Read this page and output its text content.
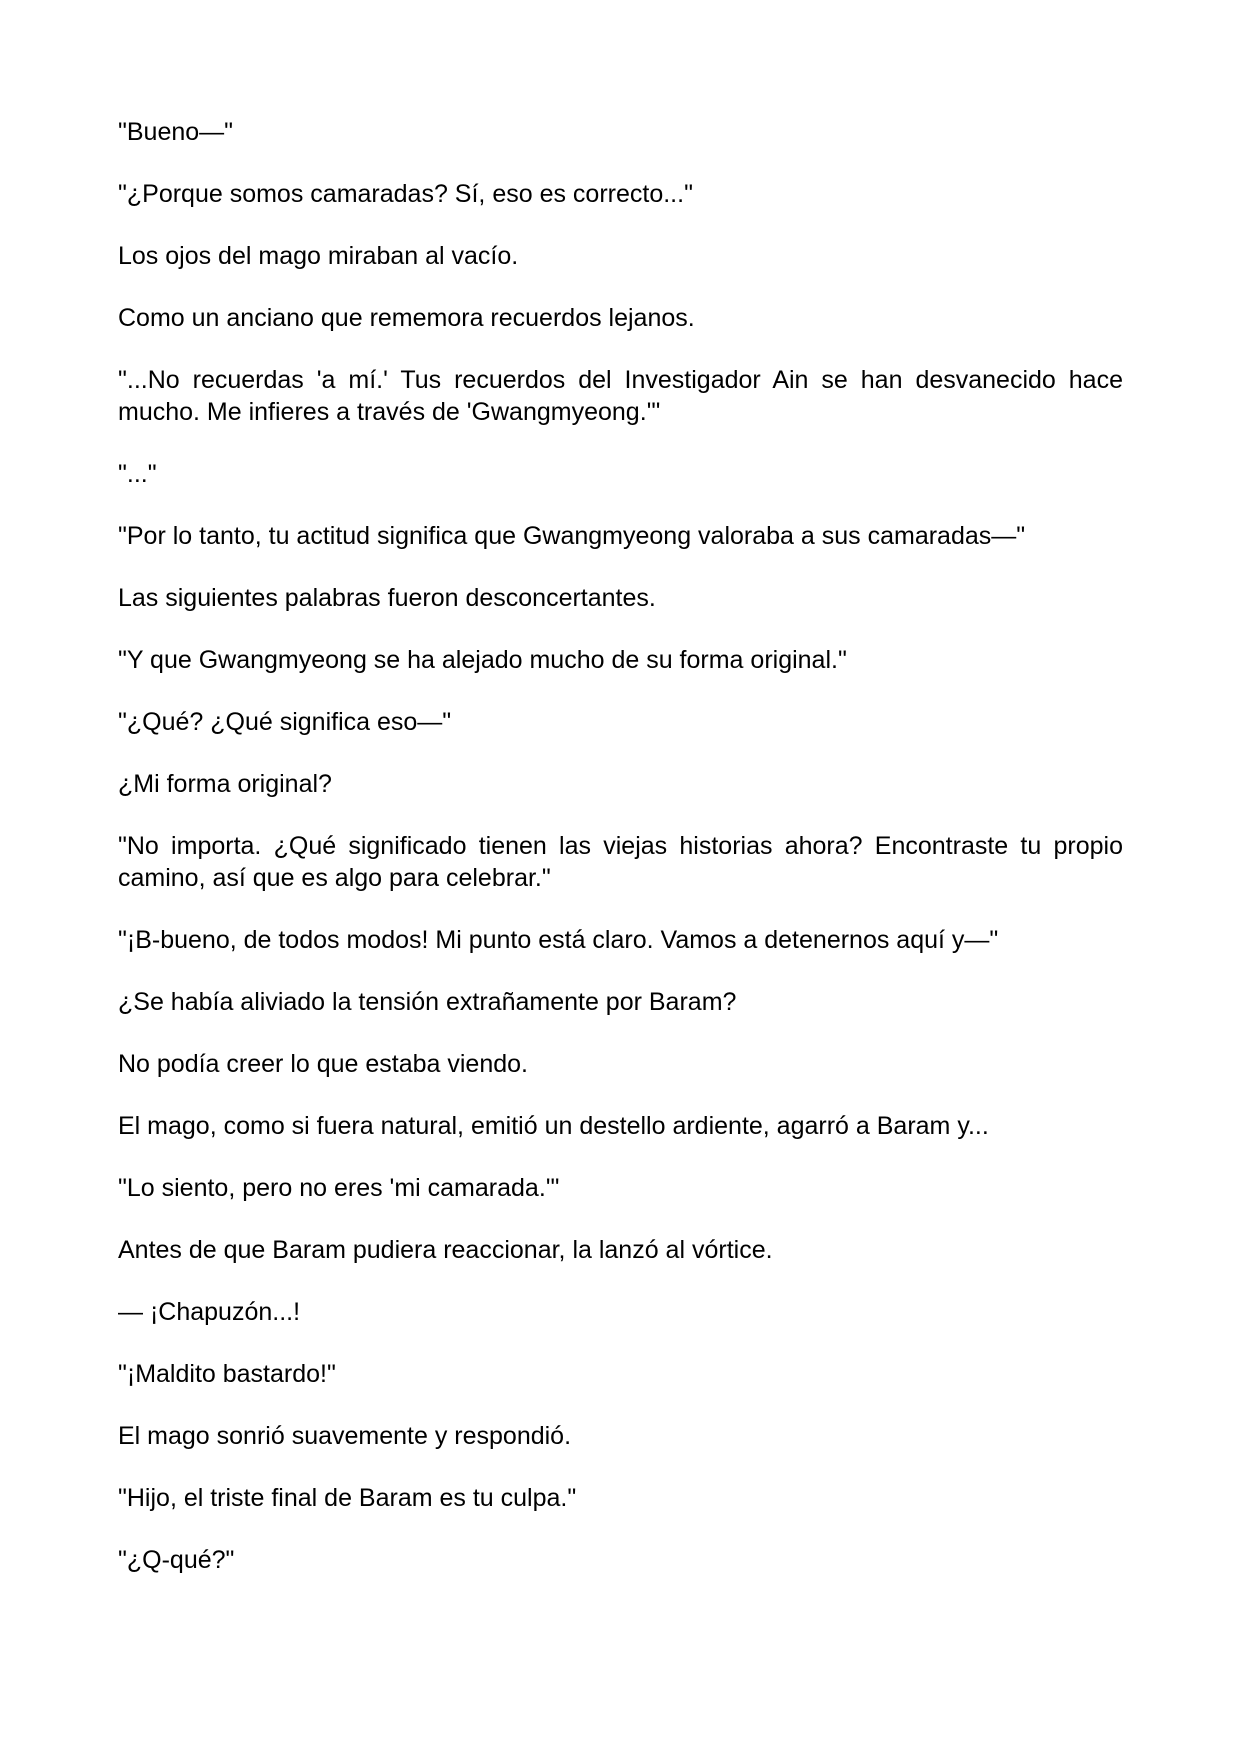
"Bueno—"

"¿Porque somos camaradas? Sí, eso es correcto..."

Los ojos del mago miraban al vacío.

Como un anciano que rememora recuerdos lejanos.

"...No recuerdas 'a mí.' Tus recuerdos del Investigador Ain se han desvanecido hace mucho. Me infieres a través de 'Gwangmyeong.'"

"..."

"Por lo tanto, tu actitud significa que Gwangmyeong valoraba a sus camaradas—"

Las siguientes palabras fueron desconcertantes.

"Y que Gwangmyeong se ha alejado mucho de su forma original."

"¿Qué? ¿Qué significa eso—"

¿Mi forma original?

"No importa. ¿Qué significado tienen las viejas historias ahora? Encontraste tu propio camino, así que es algo para celebrar."

"¡B-bueno, de todos modos! Mi punto está claro. Vamos a detenernos aquí y—"

¿Se había aliviado la tensión extrañamente por Baram?

No podía creer lo que estaba viendo.

El mago, como si fuera natural, emitió un destello ardiente, agarró a Baram y...

"Lo siento, pero no eres 'mi camarada.'"

Antes de que Baram pudiera reaccionar, la lanzó al vórtice.

— ¡Chapuzón...!

"¡Maldito bastardo!"

El mago sonrió suavemente y respondió.

"Hijo, el triste final de Baram es tu culpa."

"¿Q-qué?"
